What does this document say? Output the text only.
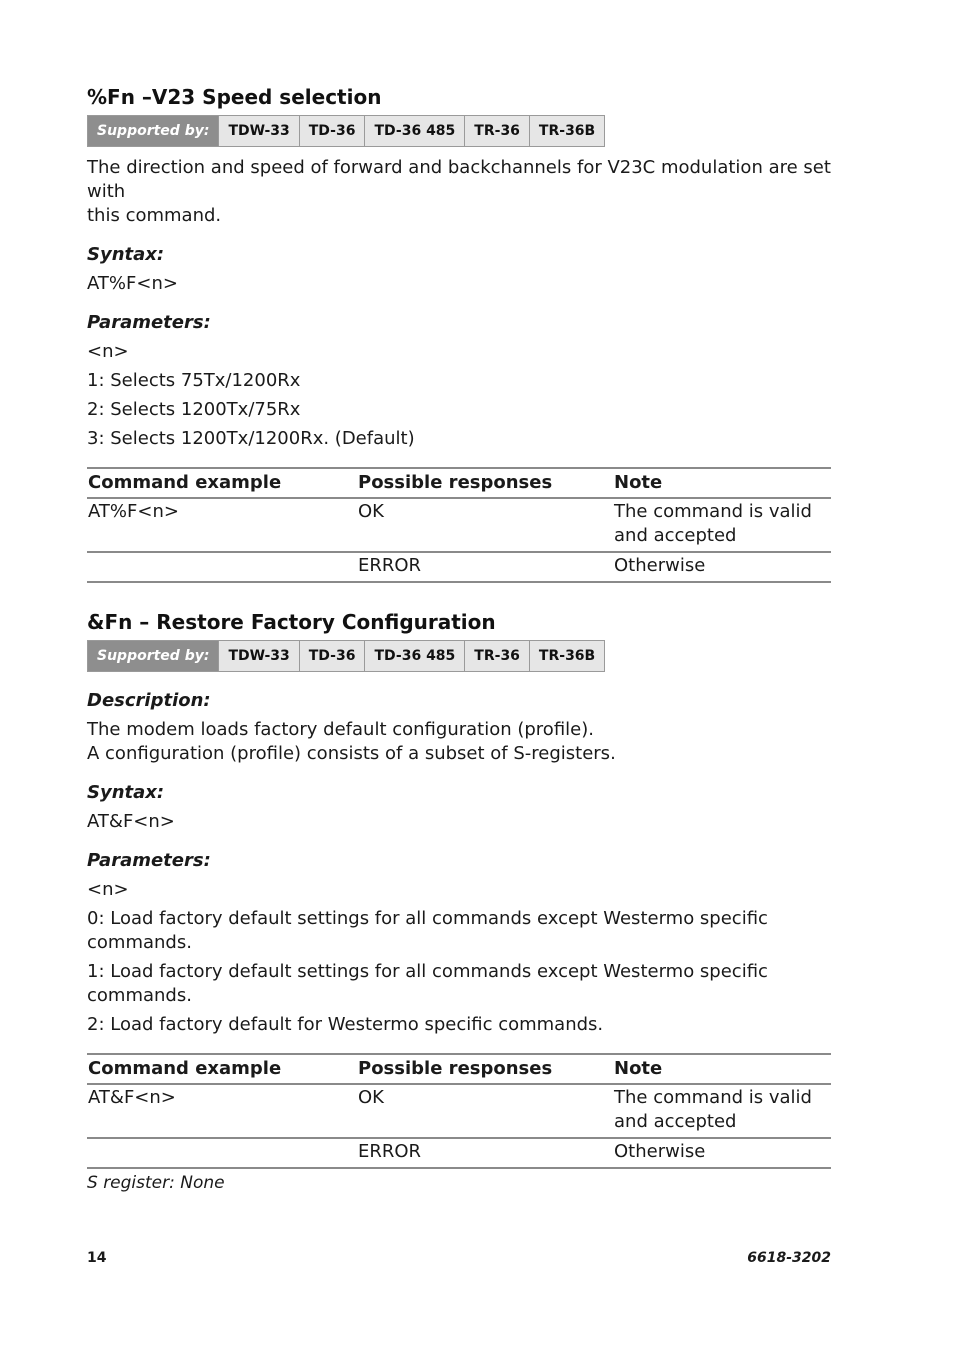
%Fn –V23 Speed selection
Supported by:	TDW-33	TD-36	TD-36 485	TR-36	TR-36B

The direction and speed of forward and backchannels for V23C modulation are set with

this command.

Syntax:
AT%F<n>
Parameters:
<n>
1: Selects 75Tx/1200Rx
2: Selects 1200Tx/75Rx
3: Selects 1200Tx/1200Rx. (Default)
Command example	Possible responses	Note
AT%F<n>	OK	The command is valid
and accepted

	ERROR	Otherwise
&Fn – Restore Factory Configuration
Supported by:	TDW-33	TD-36	TD-36 485	TR-36	TR-36B
Description:

The modem loads factory default configuration (profile).

A configuration (profile) consists of a subset of S-registers.

Syntax:
AT&F<n>
Parameters:
<n>
0: Load factory default settings for all commands except Westermo specific commands.
1: Load factory default settings for all commands except Westermo specific commands.
2: Load factory default for Westermo specific commands.
Command example	Possible responses	Note
AT&F<n>	OK	The command is valid
and accepted

	ERROR	Otherwise
S register: None
14	6618-3202
